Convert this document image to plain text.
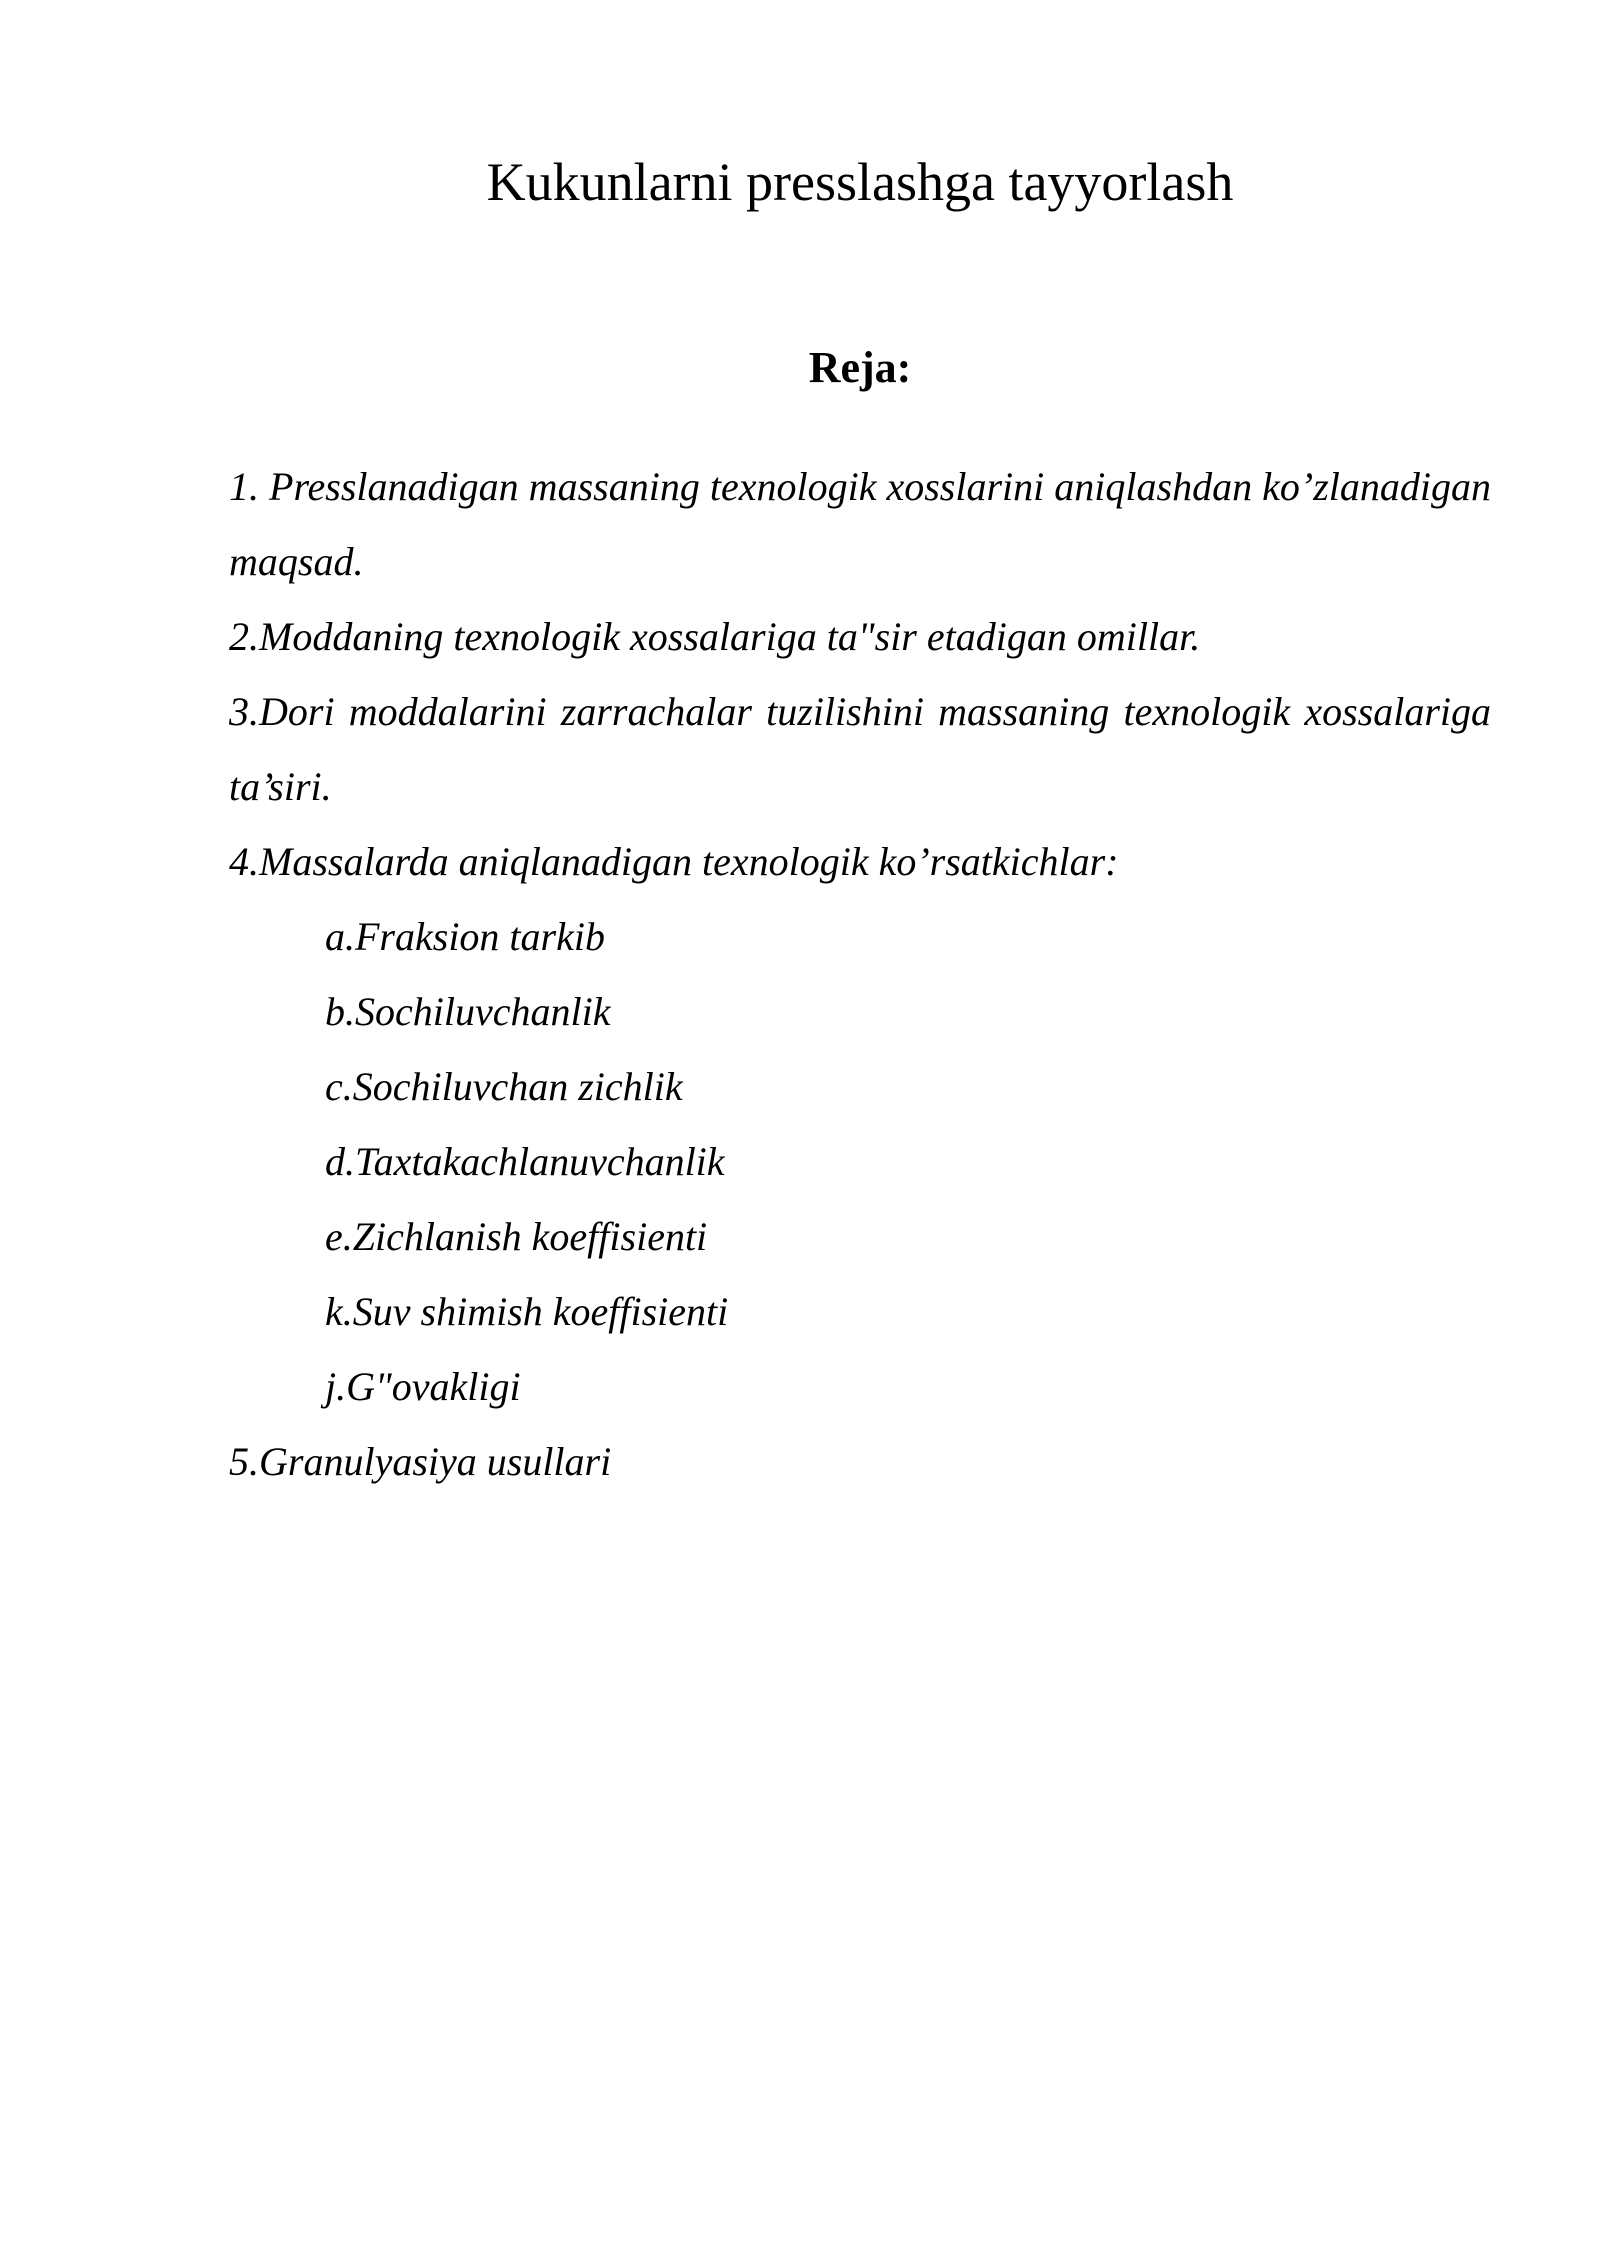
Kukunlarni presslashga tayyorlash
Reja:

1. Presslanadigan massaning texnologik xosslarini aniqlashdan ko’zlanadigan maqsad.

2.Moddaning texnologik xossalariga ta"sir etadigan omillar.

3.Dori moddalarini zarrachalar tuzilishini massaning texnologik xossalariga ta’siri.

4.Massalarda aniqlanadigan texnologik ko’rsatkichlar:

a.Fraksion tarkib

b.Sochiluvchanlik

c.Sochiluvchan zichlik

d.Taxtakachlanuvchanlik

e.Zichlanish koeffisienti

k.Suv shimish koeffisienti

j.G"ovakligi

5.Granulyasiya usullari
